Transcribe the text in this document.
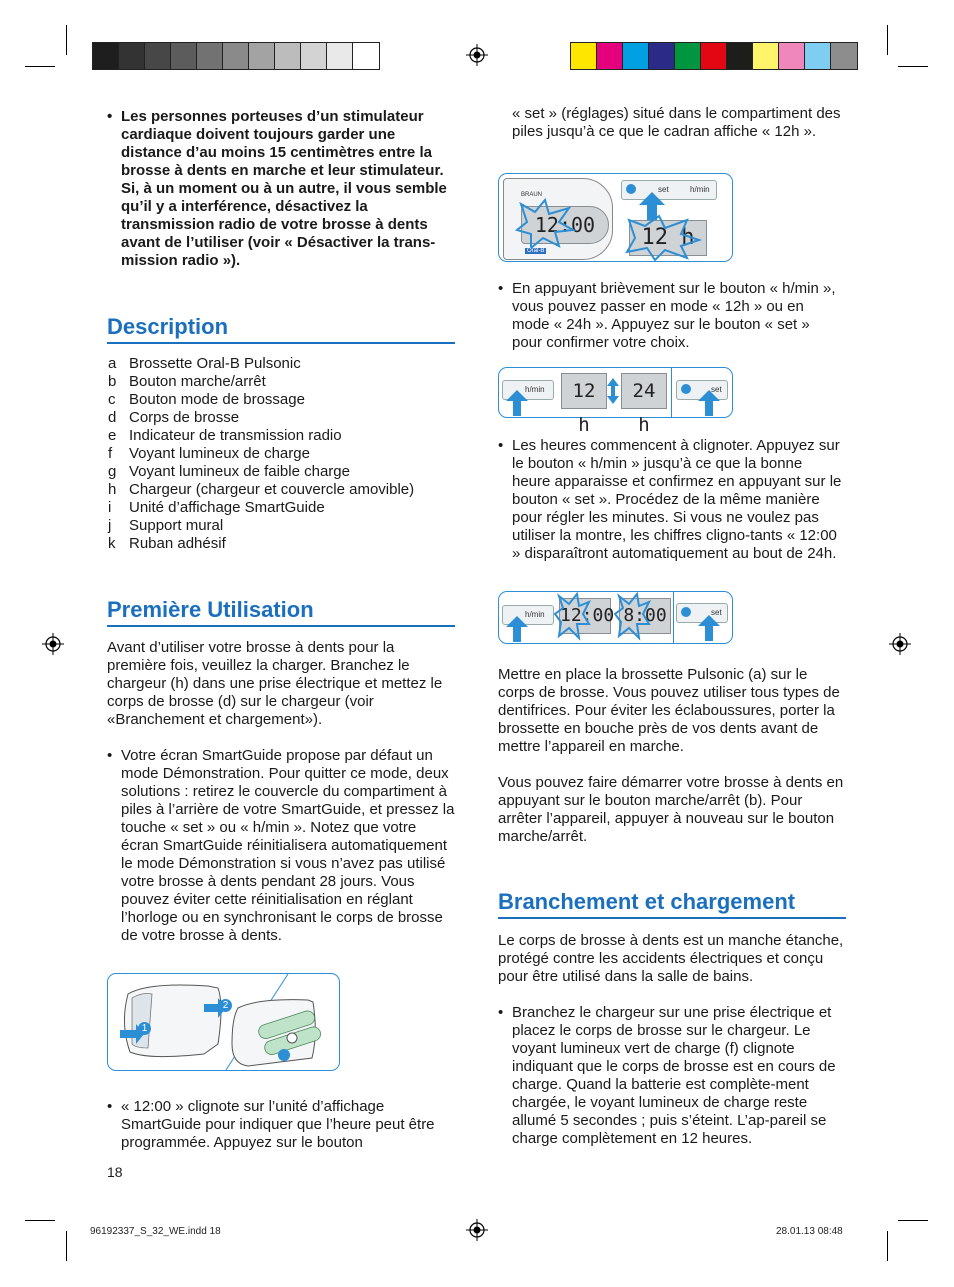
• Les personnes porteuses d’un stimulateur cardiaque doivent toujours garder une distance d’au moins 15 centimètres entre la brosse à dents en marche et leur stimulateur. Si, à un moment ou à un autre, il vous semble qu’il y a interférence, désactivez la transmission radio de votre brosse à dents avant de l’utiliser (voir « Désactiver la trans-mission radio »).

Description
a Brossette Oral-B Pulsonic
b Bouton marche/arrêt
c Bouton mode de brossage
d Corps de brosse
e Indicateur de transmission radio
f	Voyant lumineux de charge
g Voyant lumineux de faible charge
h Chargeur (chargeur et couvercle amovible)
i	Unité d’affichage SmartGuide
j	Support mural
k Ruban adhésif
Première Utilisation

Avant d’utiliser votre brosse à dents pour la première fois, veuillez la charger. Branchez le chargeur (h) dans une prise électrique et mettez le corps de brosse (d) sur le chargeur (voir «Branchement et chargement»).

• Votre écran SmartGuide propose par défaut un mode Démonstration. Pour quitter ce mode, deux solutions : retirez le couvercle du compartiment à piles à l’arrière de votre SmartGuide, et pressez la touche « set » ou « h/min ». Notez que votre écran SmartGuide réinitialisera automatiquement le mode Démonstration si vous n’avez pas utilisé votre brosse à dents pendant 28 jours. Vous pouvez éviter cette réinitialisation en réglant l’horloge ou en synchronisant le corps de brosse de votre brosse à dents.

1
2

• « 12:00 » clignote sur l’unité d’affichage SmartGuide pour indiquer que l’heure peut être programmée. Appuyez sur le bouton

18

« set » (réglages) situé dans le compartiment des piles jusqu’à ce que le cadran affiche « 12h ».

BRAUN
12:00
Oral-B
set	h/min
12 h

• En appuyant brièvement sur le bouton « h/min », vous pouvez passer en mode « 12h » ou en mode « 24h ». Appuyez sur le bouton « set » pour confirmer votre choix.

h/min	12 h
24 h
set

• Les heures commencent à clignoter. Appuyez sur le bouton « h/min » jusqu’à ce que la bonne heure apparaisse et confirmez en appuyant sur le bouton « set ». Procédez de la même manière pour régler les minutes. Si vous ne voulez pas utiliser la montre, les chiffres cligno-tants « 12:00 » disparaîtront automatiquement au bout de 24h.

h/min 12:00 8:00	set

Mettre en place la brossette Pulsonic (a) sur le corps de brosse. Vous pouvez utiliser tous types de dentifrices. Pour éviter les éclaboussures, porter la brossette en bouche près de vos dents avant de mettre l’appareil en marche.

Vous pouvez faire démarrer votre brosse à dents en appuyant sur le bouton marche/arrêt (b). Pour arrêter l’appareil, appuyer à nouveau sur le bouton marche/arrêt.

Branchement et chargement

Le corps de brosse à dents est un manche étanche, protégé contre les accidents électriques et conçu pour être utilisé dans la salle de bains.

• Branchez le chargeur sur une prise électrique et placez le corps de brosse sur le chargeur. Le voyant lumineux vert de charge (f) clignote indiquant que le corps de brosse est en cours de charge. Quand la batterie est complète-ment chargée, le voyant lumineux de charge reste allumé 5 secondes ; puis s’éteint. L’ap-pareil se charge complètement en 12 heures.

96192337_S_32_WE.indd 18	28.01.13 08:48
